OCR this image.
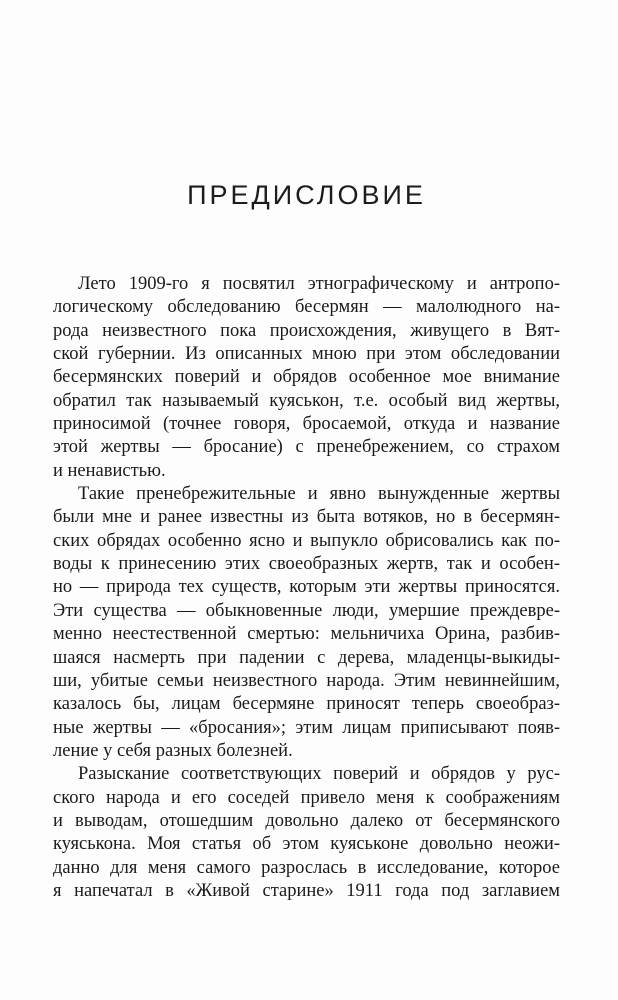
ПРЕДИСЛОВИЕ
Лето 1909-го я посвятил этнографическому и антропо-
логическому обследованию бесермян — малолюдного на-
рода неизвестного пока происхождения, живущего в Вят-
ской губернии. Из описанных мною при этом обследовании
бесермянских поверий и обрядов особенное мое внимание
обратил так называемый куяськон, т.е. особый вид жертвы,
приносимой (точнее говоря, бросаемой, откуда и название
этой жертвы — бросание) с пренебрежением, со страхом
и ненавистью.
Такие пренебрежительные и явно вынужденные жертвы
были мне и ранее известны из быта вотяков, но в бесермян-
ских обрядах особенно ясно и выпукло обрисовались как по-
воды к принесению этих своеобразных жертв, так и особен-
но — природа тех существ, которым эти жертвы приносятся.
Эти существа — обыкновенные люди, умершие преждевре-
менно неестественной смертью: мельничиха Орина, разбив-
шаяся насмерть при падении с дерева, младенцы-выкиды-
ши, убитые семьи неизвестного народа. Этим невиннейшим,
казалось бы, лицам бесермяне приносят теперь своеобраз-
ные жертвы — «бросания»; этим лицам приписывают появ-
ление у себя разных болезней.
Разыскание соответствующих поверий и обрядов у рус-
ского народа и его соседей привело меня к соображениям
и выводам, отошедшим довольно далеко от бесермянского
куяськона. Моя статья об этом куяськоне довольно неожи-
данно для меня самого разрослась в исследование, которое
я напечатал в «Живой старине» 1911 года под заглавием
